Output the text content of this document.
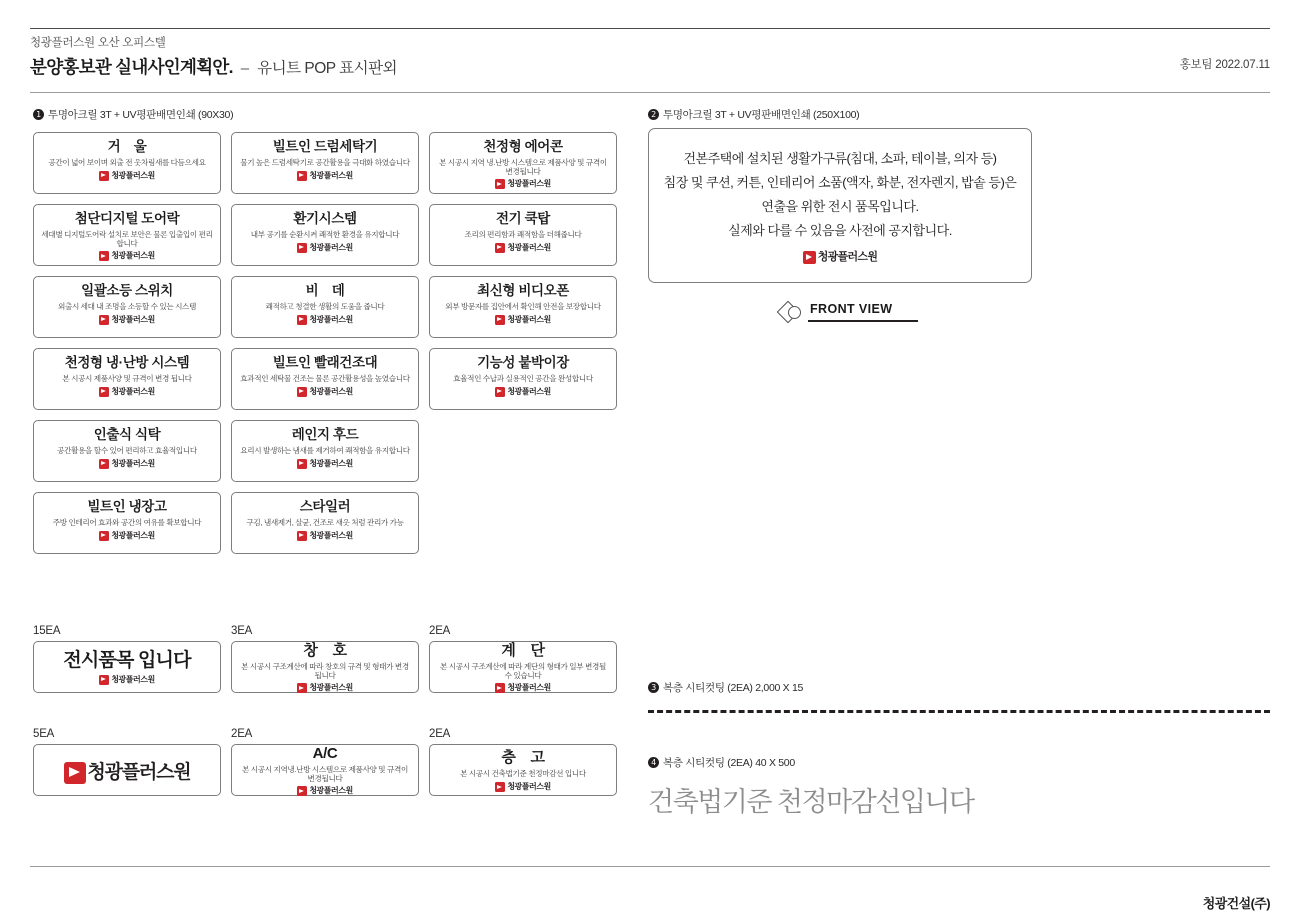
청광플러스원 오산 오피스텔
분양홍보관 실내사인계획안. – 유니트 POP 표시판외	홍보팀 2022.07.11
1 투명아크릴 3T + UV평판배면인쇄 (90X30)	2 투명아크릴 3T + UV평판배면인쇄 (250X100)
거    울
공간이 넓어 보이며 외출 전 옷차림새를 다듬으세요
청광플러스원
빌트인 드럼세탁기
물기 높은 드럼세탁기로 공간활용을 극대화 하였습니다
청광플러스원
천정형 에어콘
본 시공시 지역 냉.난방 시스템으로 제품사양 및 규격이 변경됩니다
청광플러스원
첨단디지털 도어락
세대별 디지털도어락 설치로 보안은 물론 입출입이 편리합니다
청광플러스원
환기시스템
내부 공기를 순환시켜 쾌적한 환경을 유지합니다
청광플러스원
전기 쿡탑
조리의 편리함과 쾌적함을 더해줍니다
청광플러스원
일괄소등 스위치
외출시 세대 내 조명을 소등할 수 있는 시스템
청광플러스원
비    데
쾌적하고 청결한 생활의 도움을 줍니다
청광플러스원
최신형 비디오폰
외부 방문자를 집안에서 확인해 안전을 보장합니다
청광플러스원
천정형 냉·난방 시스템
본 시공시 제품사양 및 규격이 변경 됩니다
청광플러스원
빌트인 빨래건조대
효과적인 세탁물 건조는 물론 공간활용성을 높였습니다
청광플러스원
기능성 붙박이장
효율적인 수납과 실용적인 공간을 완성합니다
청광플러스원
인출식 식탁
공간활용을 할수 있어 편리하고 효율적입니다
청광플러스원
레인지 후드
요리시 발생하는 냄새를 제거하여 쾌적함을 유지합니다
청광플러스원
빌트인 냉장고
주방 인테리어 효과와 공간의 여유를 확보합니다
청광플러스원
스타일러
구김, 냄새제거, 살균, 건조로 새옷 처럼 관리가 가능
청광플러스원
건본주택에 설치된 생활가구류(침대, 소파, 테이블, 의자 등)
침장 및 쿠션, 커튼, 인테리어 소품(액자, 화분, 전자렌지, 밥솥 등)은
연출을 위한 전시 품목입니다.
실제와 다를 수 있음을 사전에 공지합니다.
청광플러스원
FRONT VIEW
15EA
전시품목 입니다
청광플러스원
3EA
창    호
본 시공시 구조계산에 따라 창호의 규격 및 형태가 변경됩니다
청광플러스원
2EA
계    단
본 시공시 구조계산에 따라 계단의 형태가 일부 변경될 수 있습니다
청광플러스원
5EA
청광플러스원
2EA
A/C
본 시공시 지역냉.난방 시스템으로 제품사양 및 규격이 변경됩니다
청광플러스원
2EA
층    고
본 시공시 건축법기준 천정마감선 입니다
청광플러스원
3 복층 시티컷팅 (2EA) 2,000 X 15
4 복층 시티컷팅 (2EA) 40 X 500
건축법기준 천정마감선입니다
청광건설(주)
